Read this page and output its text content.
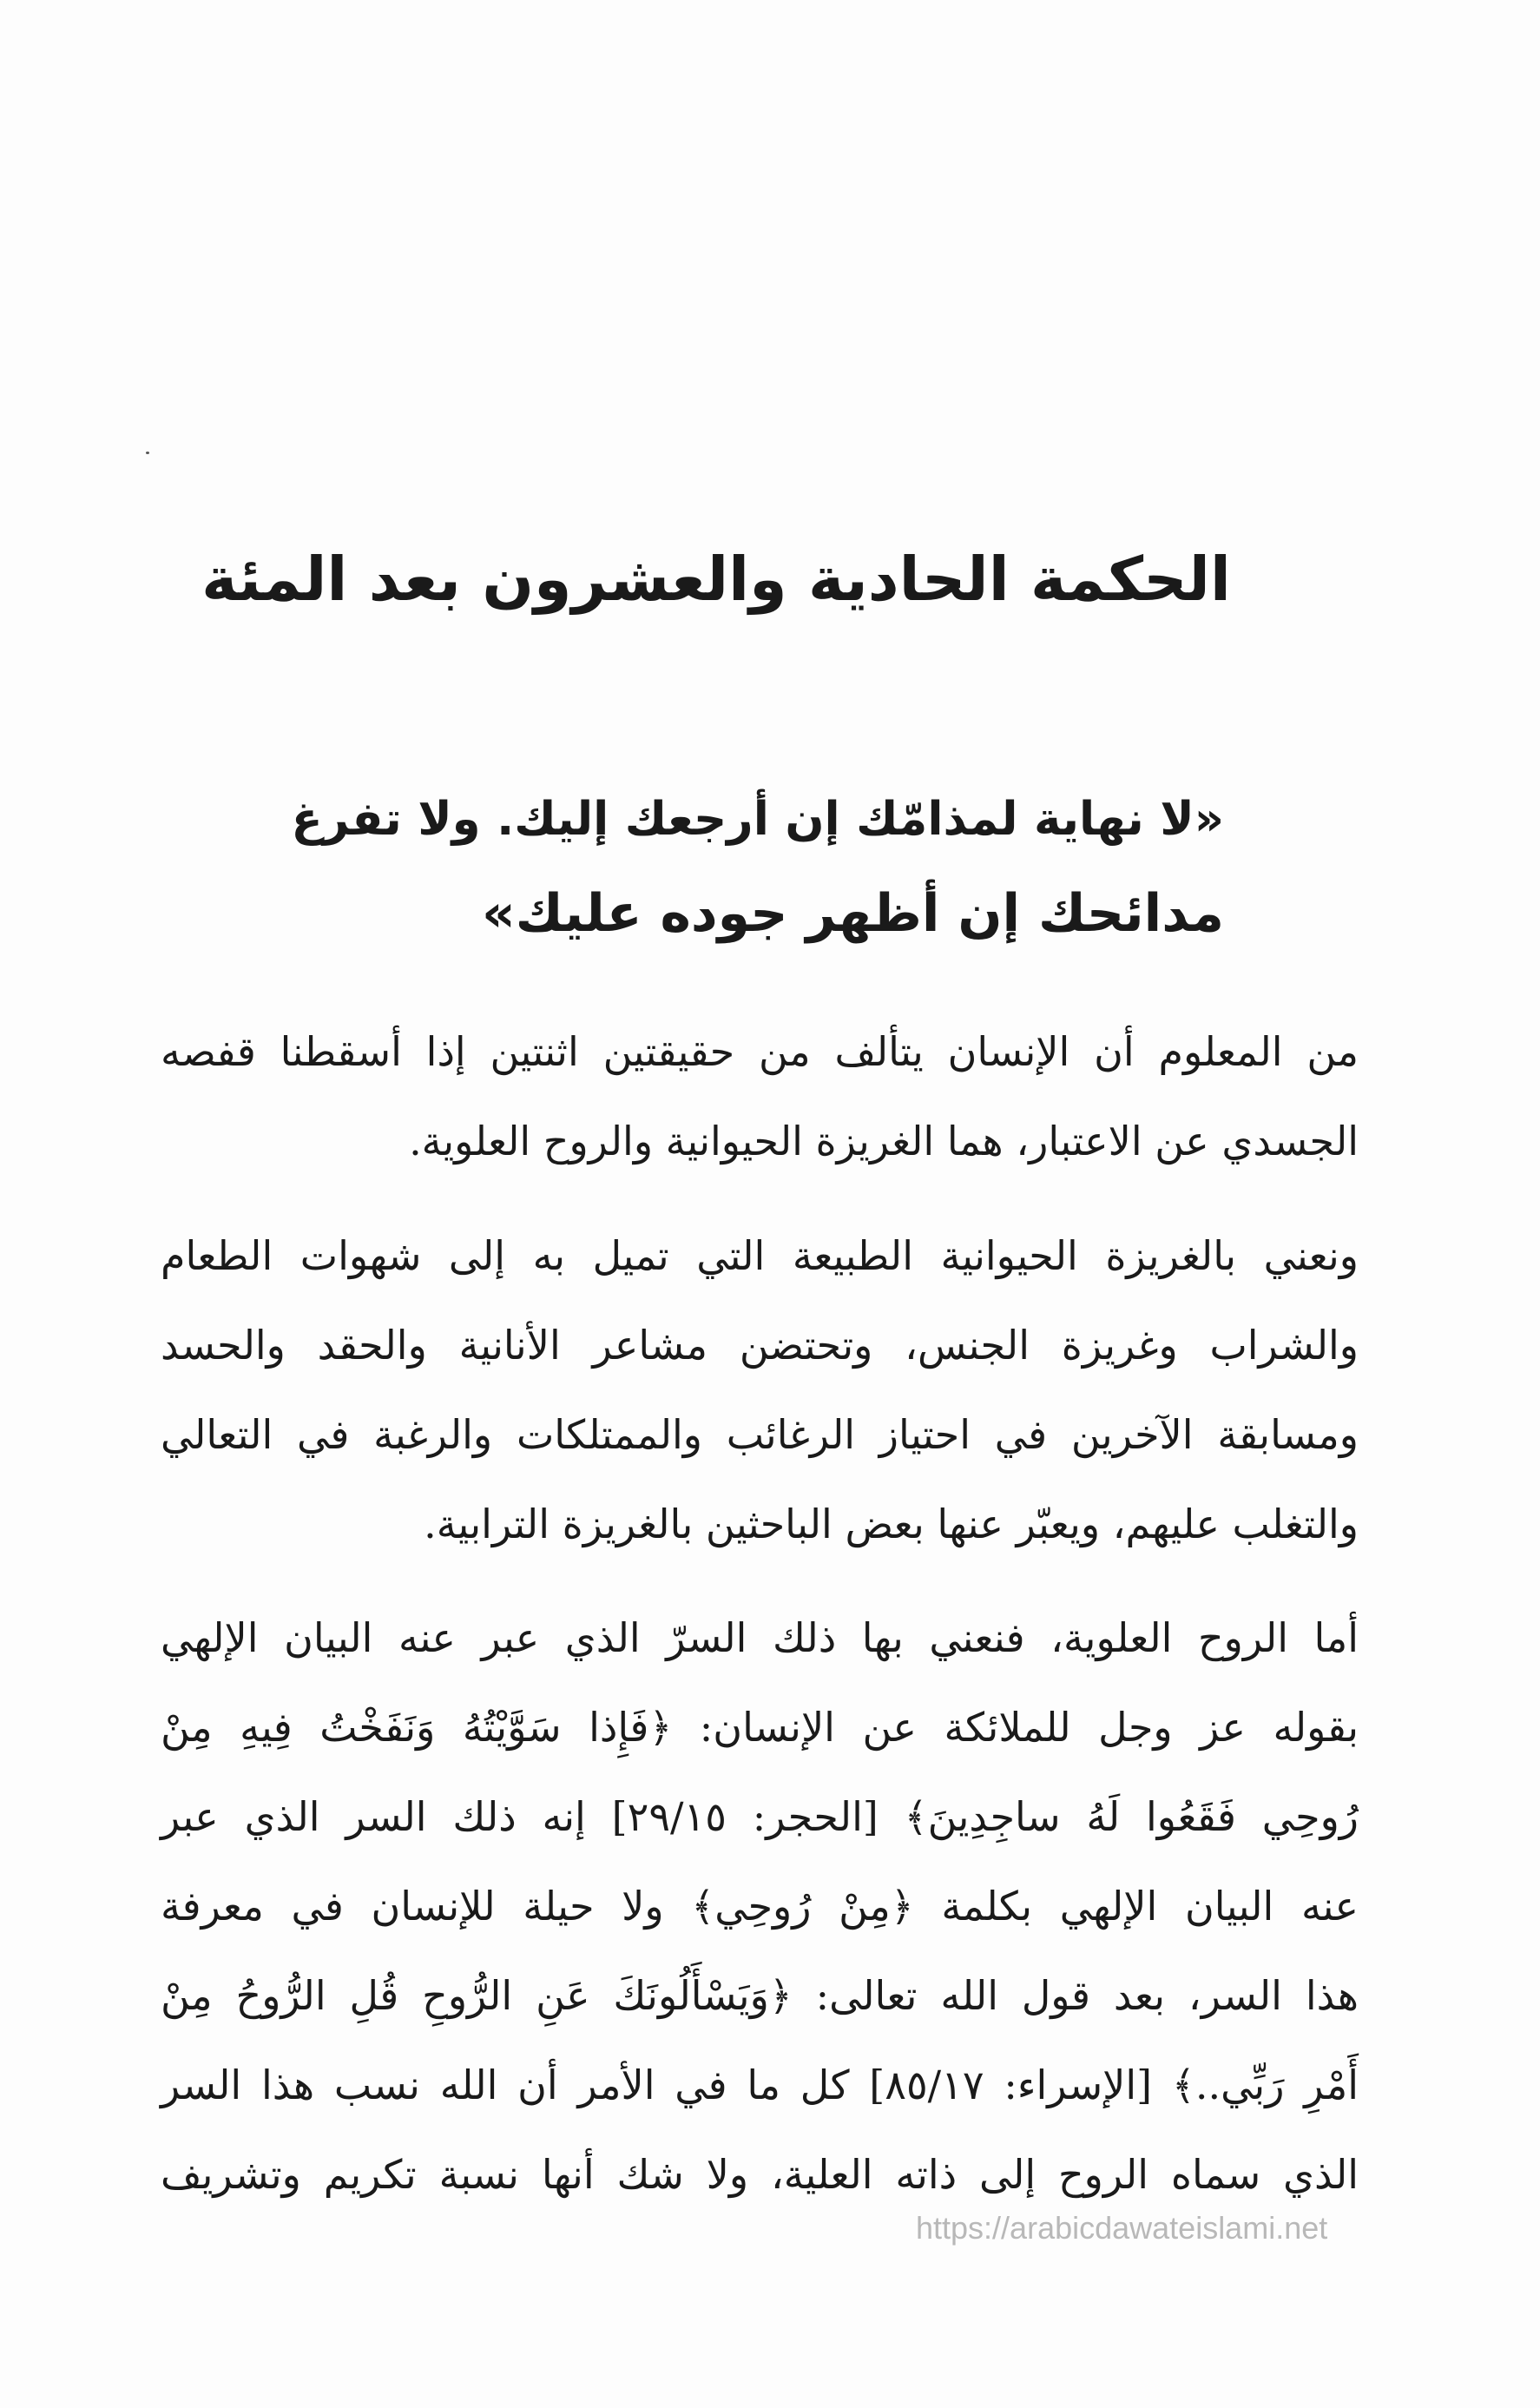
الحكمة الحادية والعشرون بعد المئة
«لا نهاية لمذامّك إن أرجعك إليك. ولا تفرغ
مدائحك إن أظهر جوده عليك»
من المعلوم أن الإنسان يتألف من حقيقتين اثنتين إذا أسقطنا قفصه
الجسدي عن الاعتبار، هما الغريزة الحيوانية والروح العلوية.
ونعني بالغريزة الحيوانية الطبيعة التي تميل به إلى شهوات الطعام
والشراب وغريزة الجنس، وتحتضن مشاعر الأنانية والحقد والحسد
ومسابقة الآخرين في احتياز الرغائب والممتلكات والرغبة في التعالي
والتغلب عليهم، ويعبّر عنها بعض الباحثين بالغريزة الترابية.
أما الروح العلوية، فنعني بها ذلك السرّ الذي عبر عنه البيان الإلهي
بقوله عز وجل للملائكة عن الإنسان: ﴿فَإِذا سَوَّيْتُهُ وَنَفَخْتُ فِيهِ مِنْ
رُوحِي فَقَعُوا لَهُ ساجِدِينَ﴾ [الحجر: ٢٩/١٥] إنه ذلك السر الذي عبر
عنه البيان الإلهي بكلمة ﴿مِنْ رُوحِي﴾ ولا حيلة للإنسان في معرفة
هذا السر، بعد قول الله تعالى: ﴿وَيَسْأَلُونَكَ عَنِ الرُّوحِ قُلِ الرُّوحُ مِنْ
أَمْرِ رَبِّي..﴾ [الإسراء: ٨٥/١٧] كل ما في الأمر أن الله نسب هذا السر
الذي سماه الروح إلى ذاته العلية، ولا شك أنها نسبة تكريم وتشريف
https://arabicdawateislami.net
